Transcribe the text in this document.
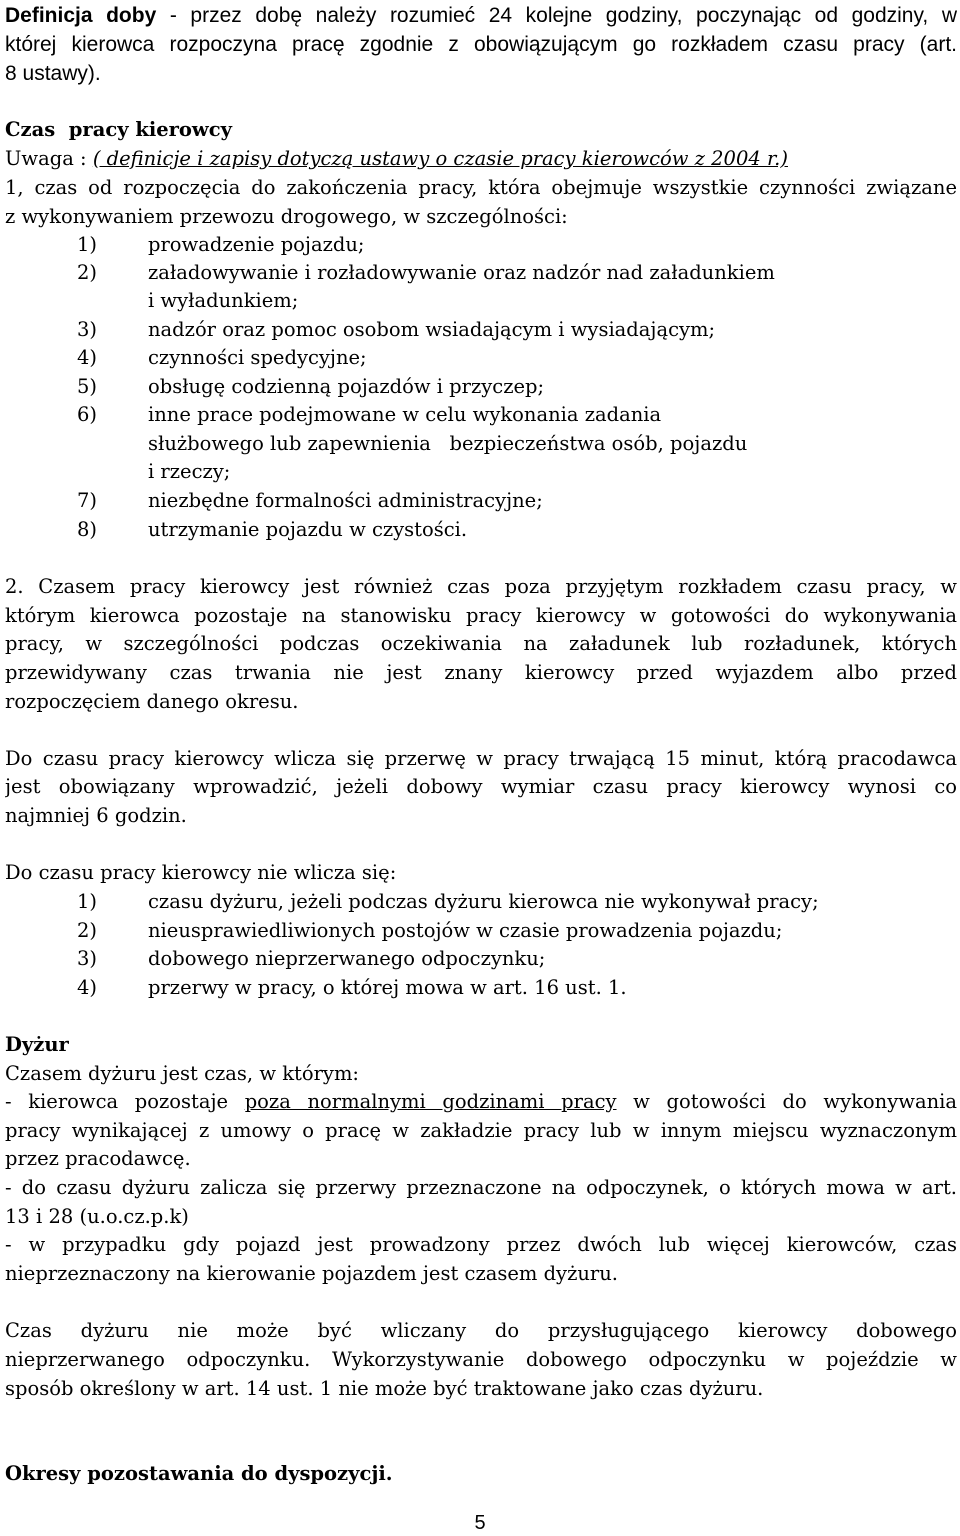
Definicja doby - przez dobę należy rozumieć 24 kolejne godziny, poczynając od godziny, w
której kierowca rozpoczyna pracę zgodnie z obowiązującym go rozkładem czasu pracy (art.
8 ustawy).
Czas  pracy kierowcy
Uwaga : ( definicje i zapisy dotyczą ustawy o czasie pracy kierowców z 2004 r.)
1, czas od rozpoczęcia do zakończenia pracy, która obejmuje wszystkie czynności związane
z wykonywaniem przewozu drogowego, w szczególności:
1)	prowadzenie pojazdu;
2)	załadowywanie i rozładowywanie oraz nadzór nad załadunkiem
i wyładunkiem;
3)	nadzór oraz pomoc osobom wsiadającym i wysiadającym;
4)	czynności spedycyjne;
5)	obsługę codzienną pojazdów i przyczep;
6)	inne prace podejmowane w celu wykonania zadania
służbowego lub zapewnienia   bezpieczeństwa osób, pojazdu
i rzeczy;
7)	niezbędne formalności administracyjne;
8)	utrzymanie pojazdu w czystości.
2. Czasem pracy kierowcy jest również czas poza przyjętym rozkładem czasu pracy, w
którym kierowca pozostaje na stanowisku pracy kierowcy w gotowości do wykonywania
pracy, w szczególności podczas oczekiwania na załadunek lub rozładunek, których
przewidywany czas trwania nie jest znany kierowcy przed wyjazdem albo przed
rozpoczęciem danego okresu.
Do czasu pracy kierowcy wlicza się przerwę w pracy trwającą 15 minut, którą pracodawca
jest obowiązany wprowadzić, jeżeli dobowy wymiar czasu pracy kierowcy wynosi co
najmniej 6 godzin.
Do czasu pracy kierowcy nie wlicza się:
1)	czasu dyżuru, jeżeli podczas dyżuru kierowca nie wykonywał pracy;
2)	nieusprawiedliwionych postojów w czasie prowadzenia pojazdu;
3)	dobowego nieprzerwanego odpoczynku;
4)	przerwy w pracy, o której mowa w art. 16 ust. 1.
Dyżur
Czasem dyżuru jest czas, w którym:
- kierowca pozostaje poza normalnymi godzinami pracy w gotowości do wykonywania
pracy wynikającej z umowy o pracę w zakładzie pracy lub w innym miejscu wyznaczonym
przez pracodawcę.
- do czasu dyżuru zalicza się przerwy przeznaczone na odpoczynek, o których mowa w art.
13 i 28 (u.o.cz.p.k)
- w przypadku gdy pojazd jest prowadzony przez dwóch lub więcej kierowców, czas
nieprzeznaczony na kierowanie pojazdem jest czasem dyżuru.
Czas dyżuru nie może być wliczany do przysługującego kierowcy dobowego
nieprzerwanego odpoczynku. Wykorzystywanie dobowego odpoczynku w pojeździe w
sposób określony w art. 14 ust. 1 nie może być traktowane jako czas dyżuru.
Okresy pozostawania do dyspozycji.
5
